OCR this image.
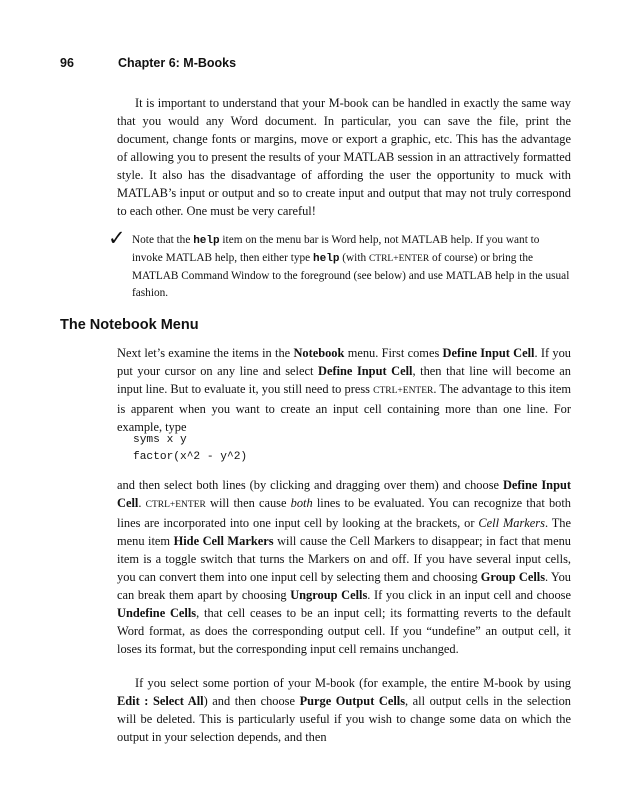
96	Chapter 6: M-Books
It is important to understand that your M-book can be handled in exactly the same way that you would any Word document. In particular, you can save the file, print the document, change fonts or margins, move or export a graphic, etc. This has the advantage of allowing you to present the results of your MATLAB session in an attractively formatted style. It also has the disadvantage of affording the user the opportunity to muck with MATLAB’s input or output and so to create input and output that may not truly correspond to each other. One must be very careful!
✓ Note that the help item on the menu bar is Word help, not MATLAB help. If you want to invoke MATLAB help, then either type help (with CTRL+ENTER of course) or bring the MATLAB Command Window to the foreground (see below) and use MATLAB help in the usual fashion.
The Notebook Menu
Next let’s examine the items in the Notebook menu. First comes Define Input Cell. If you put your cursor on any line and select Define Input Cell, then that line will become an input line. But to evaluate it, you still need to press CTRL+ENTER. The advantage to this item is apparent when you want to create an input cell containing more than one line. For example, type
syms x y
factor(x^2 - y^2)
and then select both lines (by clicking and dragging over them) and choose Define Input Cell. CTRL+ENTER will then cause both lines to be evaluated. You can recognize that both lines are incorporated into one input cell by looking at the brackets, or Cell Markers. The menu item Hide Cell Markers will cause the Cell Markers to disappear; in fact that menu item is a toggle switch that turns the Markers on and off. If you have several input cells, you can convert them into one input cell by selecting them and choosing Group Cells. You can break them apart by choosing Ungroup Cells. If you click in an input cell and choose Undefine Cells, that cell ceases to be an input cell; its formatting reverts to the default Word format, as does the corresponding output cell. If you “undefine” an output cell, it loses its format, but the corresponding input cell remains unchanged.
If you select some portion of your M-book (for example, the entire M-book by using Edit : Select All) and then choose Purge Output Cells, all output cells in the selection will be deleted. This is particularly useful if you wish to change some data on which the output in your selection depends, and then
